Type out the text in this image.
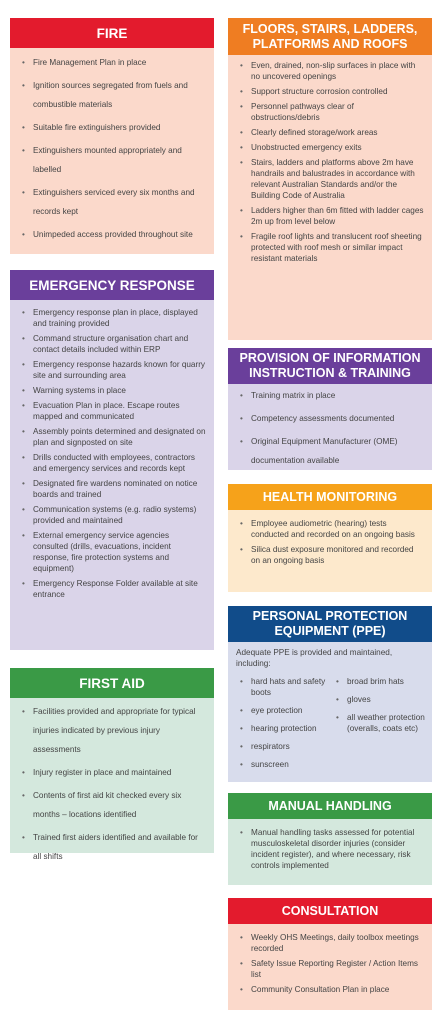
FIRE
• Fire Management Plan in place
• Ignition sources segregated from fuels and combustible materials
• Suitable fire extinguishers provided
• Extinguishers mounted appropriately and labelled
• Extinguishers serviced every six months and records kept
• Unimpeded access provided throughout site
EMERGENCY RESPONSE
• Emergency response plan in place, displayed and training provided
• Command structure organisation chart and contact details included within ERP
• Emergency response hazards known for quarry site and surrounding area
• Warning systems in place
• Evacuation Plan in place. Escape routes mapped and communicated
• Assembly points determined and designated on plan and signposted on site
• Drills conducted with employees, contractors and emergency services and records kept
• Designated fire wardens nominated on notice boards and trained
• Communication systems (e.g. radio systems) provided and maintained
• External emergency service agencies consulted (drills, evacuations, incident response, fire protection systems and equipment)
• Emergency Response Folder available at site entrance
FIRST AID
• Facilities provided and appropriate for typical injuries indicated by previous injury assessments
• Injury register in place and maintained
• Contents of first aid kit checked every six months – locations identified
• Trained first aiders identified and available for all shifts
FLOORS, STAIRS, LADDERS, PLATFORMS AND ROOFS
• Even, drained, non-slip surfaces in place with no uncovered openings
• Support structure corrosion controlled
• Personnel pathways clear of obstructions/debris
• Clearly defined storage/work areas
• Unobstructed emergency exits
• Stairs, ladders and platforms above 2m have handrails and balustrades in accordance with relevant Australian Standards and/or the Building Code of Australia
• Ladders higher than 6m fitted with ladder cages 2m up from level below
• Fragile roof lights and translucent roof sheeting protected with roof mesh or similar impact resistant materials
PROVISION OF INFORMATION INSTRUCTION & TRAINING
• Training matrix in place
• Competency assessments documented
• Original Equipment Manufacturer (OME) documentation available
HEALTH MONITORING
• Employee audiometric (hearing) tests conducted and recorded on an ongoing basis
• Silica dust exposure monitored and recorded on an ongoing basis
PERSONAL PROTECTION EQUIPMENT (PPE)
Adequate PPE is provided and maintained, including:
• hard hats and safety boots
• eye protection
• hearing protection
• respirators
• sunscreen
• broad brim hats
• gloves
• all weather protection (overalls, coats etc)
MANUAL HANDLING
• Manual handling tasks assessed for potential musculoskeletal disorder injuries (consider incident register), and where necessary, risk controls implemented
CONSULTATION
• Weekly OHS Meetings, daily toolbox meetings recorded
• Safety Issue Reporting Register / Action Items list
• Community Consultation Plan in place
